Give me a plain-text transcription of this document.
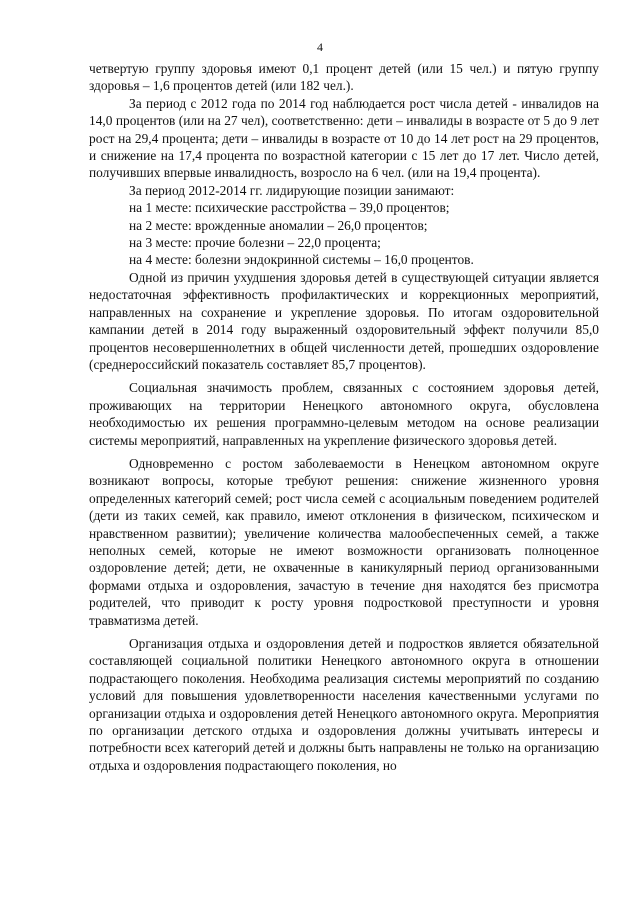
4

четвертую группу здоровья имеют 0,1 процент детей (или 15 чел.) и пятую группу здоровья – 1,6 процентов детей (или 182 чел.).

За период с 2012 года по 2014 год наблюдается рост числа детей - инвалидов на 14,0 процентов (или на 27 чел), соответственно: дети – инвалиды в возрасте от 5 до 9 лет рост на 29,4 процента; дети – инвалиды в возрасте от 10 до 14 лет рост на 29 процентов, и снижение на 17,4 процента по возрастной категории с 15 лет до 17 лет. Число детей, получивших впервые инвалидность, возросло на 6 чел. (или на 19,4 процента).

За период 2012-2014 гг. лидирующие позиции занимают:

на 1 месте: психические расстройства – 39,0 процентов;

на 2 месте: врожденные аномалии – 26,0 процентов;

на 3 месте: прочие болезни – 22,0 процента;

на 4 месте: болезни эндокринной системы – 16,0 процентов.

Одной из причин ухудшения здоровья детей в существующей ситуации является недостаточная эффективность профилактических и коррекционных мероприятий, направленных на сохранение и укрепление здоровья. По итогам оздоровительной кампании детей в 2014 году выраженный оздоровительный эффект получили 85,0 процентов несовершеннолетних в общей численности детей, прошедших оздоровление (среднероссийский показатель составляет 85,7 процентов).

Социальная значимость проблем, связанных с состоянием здоровья детей, проживающих на территории Ненецкого автономного округа, обусловлена необходимостью их решения программно-целевым методом на основе реализации системы мероприятий, направленных на укрепление физического здоровья детей.

Одновременно с ростом заболеваемости в Ненецком автономном округе возникают вопросы, которые требуют решения: снижение жизненного уровня определенных категорий семей; рост числа семей с асоциальным поведением родителей (дети из таких семей, как правило, имеют отклонения в физическом, психическом и нравственном развитии); увеличение количества малообеспеченных семей, а также неполных семей, которые не имеют возможности организовать полноценное оздоровление детей; дети, не охваченные в каникулярный период организованными формами отдыха и оздоровления, зачастую в течение дня находятся без присмотра родителей, что приводит к росту уровня подростковой преступности и уровня травматизма детей.

Организация отдыха и оздоровления детей и подростков является обязательной составляющей социальной политики Ненецкого автономного округа в отношении подрастающего поколения. Необходима реализация системы мероприятий по созданию условий для повышения удовлетворенности населения качественными услугами по организации отдыха и оздоровления детей Ненецкого автономного округа. Мероприятия по организации детского отдыха и оздоровления должны учитывать интересы и потребности всех категорий детей и должны быть направлены не только на организацию отдыха и оздоровления подрастающего поколения, но
